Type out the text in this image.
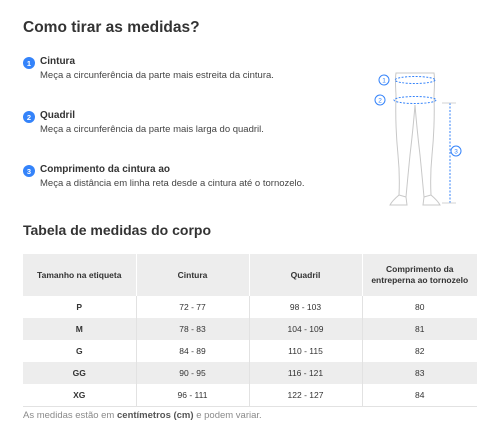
Como tirar as medidas?
1 Cintura
Meça a circunferência da parte mais estreita da cintura.
2 Quadril
Meça a circunferência da parte mais larga do quadril.
3 Comprimento da cintura ao
Meça a distância em linha reta desde a cintura até o tornozelo.
1
2
3
Tabela de medidas do corpo
Tamanho na etiqueta	Cintura	Quadril	Comprimento da entreperna ao tornozelo
P	72 - 77	98 - 103	80
M	78 - 83	104 - 109	81
G	84 - 89	110 - 115	82
GG	90 - 95	116 - 121	83
XG	96 - 111	122 - 127	84
As medidas estão em centímetros (cm) e podem variar.
